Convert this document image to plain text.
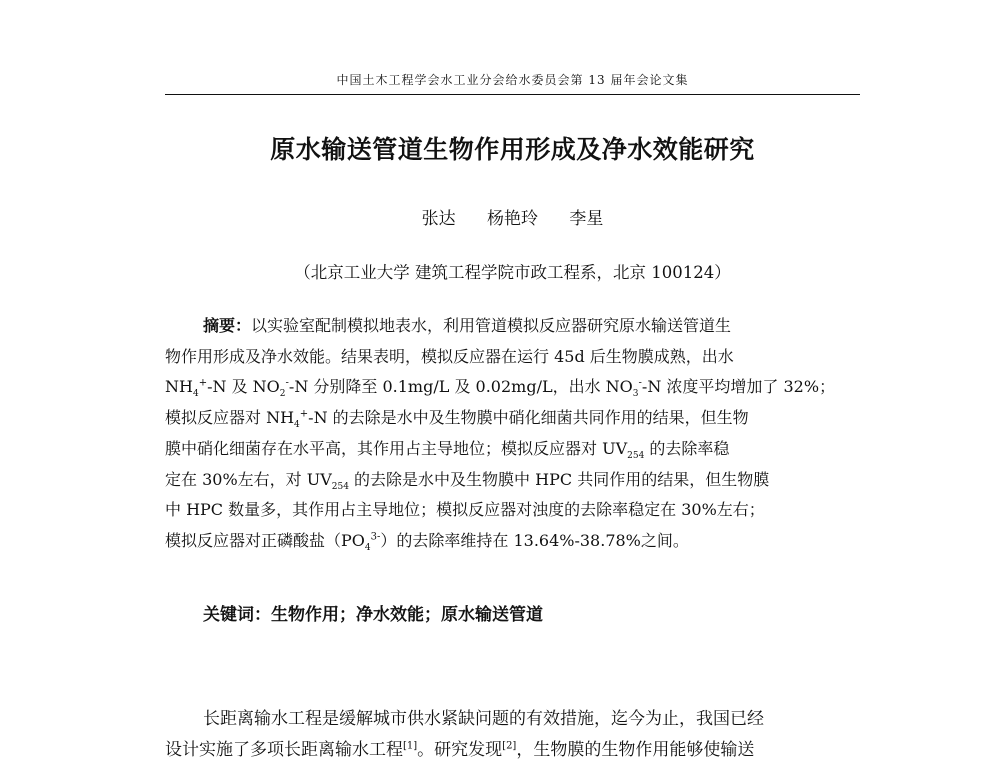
中国土木工程学会水工业分会给水委员会第 13 届年会论文集
原水输送管道生物作用形成及净水效能研究
张达 杨艳玲 李星
（北京工业大学 建筑工程学院市政工程系，北京 100124）
摘要：以实验室配制模拟地表水，利用管道模拟反应器研究原水输送管道生
物作用形成及净水效能。结果表明，模拟反应器在运行 45d 后生物膜成熟，出水
$NH_4^+-N$ 及 $NO_2^--N$ 分别降至 0.1mg/L 及 0.02mg/L，出水 $NO_3^--N$ 浓度平均增加了 32%；
模拟反应器对 $NH_4^+-N$ 的去除是水中及生物膜中硝化细菌共同作用的结果，但生物
膜中硝化细菌存在水平高，其作用占主导地位；模拟反应器对 $UV_{254}$ 的去除率稳
定在 30%左右，对 $UV_{254}$ 的去除是水中及生物膜中 HPC 共同作用的结果，但生物膜
中 HPC 数量多，其作用占主导地位；模拟反应器对浊度的去除率稳定在 30%左右；
模拟反应器对正磷酸盐$(PO_4^{3-})$的去除率维持在 13.64%-38.78%之间。
关键词：生物作用；净水效能；原水输送管道
长距离输水工程是缓解城市供水紧缺问题的有效措施，迄今为止，我国已经
设计实施了多项长距离输水工程[1]。研究发现[2]，生物膜的生物作用能够使输送
